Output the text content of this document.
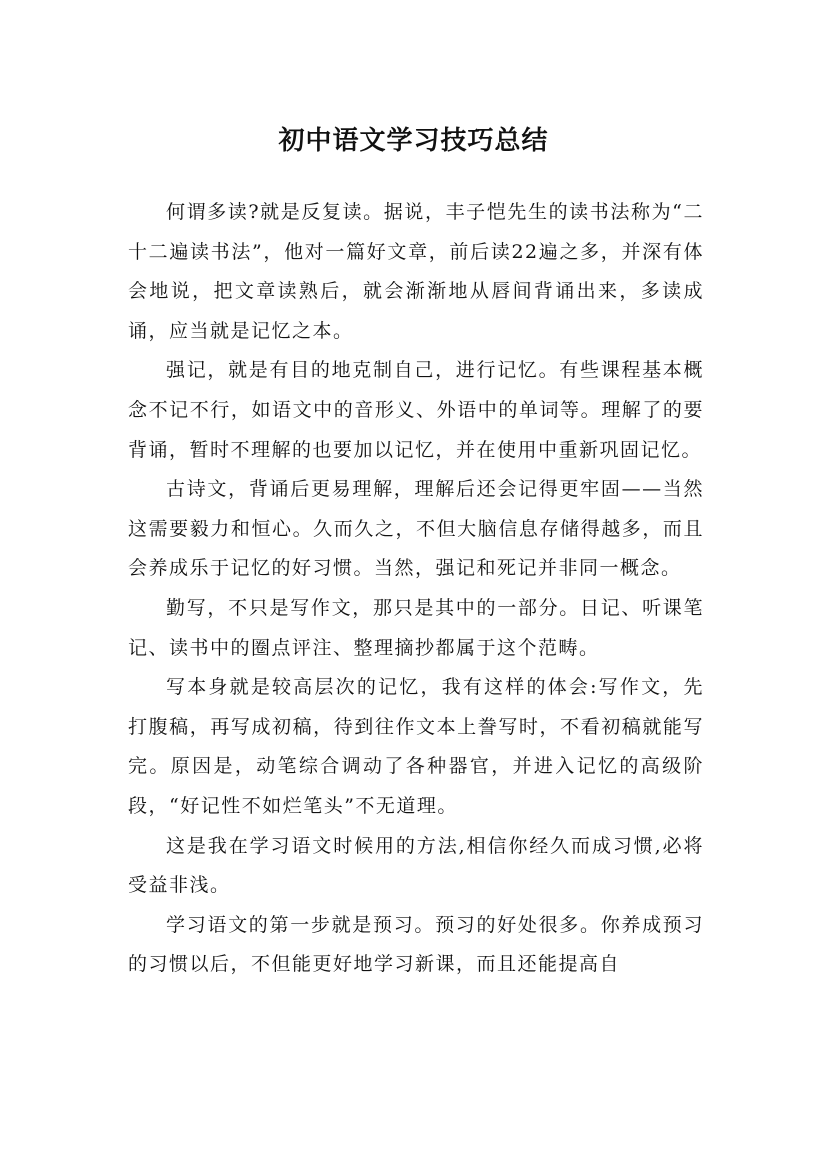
初中语文学习技巧总结

何谓多读?就是反复读。据说，丰子恺先生的读书法称为“二十二遍读书法”，他对一篇好文章，前后读22遍之多，并深有体会地说，把文章读熟后，就会渐渐地从唇间背诵出来，多读成诵，应当就是记忆之本。

强记，就是有目的地克制自己，进行记忆。有些课程基本概念不记不行，如语文中的音形义、外语中的单词等。理解了的要背诵，暂时不理解的也要加以记忆，并在使用中重新巩固记忆。

古诗文，背诵后更易理解，理解后还会记得更牢固——当然这需要毅力和恒心。久而久之，不但大脑信息存储得越多，而且会养成乐于记忆的好习惯。当然，强记和死记并非同一概念。

勤写，不只是写作文，那只是其中的一部分。日记、听课笔记、读书中的圈点评注、整理摘抄都属于这个范畴。

写本身就是较高层次的记忆，我有这样的体会:写作文，先打腹稿，再写成初稿，待到往作文本上誊写时，不看初稿就能写完。原因是，动笔综合调动了各种器官，并进入记忆的高级阶段，“好记性不如烂笔头”不无道理。

这是我在学习语文时候用的方法,相信你经久而成习惯,必将受益非浅。

学习语文的第一步就是预习。预习的好处很多。你养成预习的习惯以后，不但能更好地学习新课，而且还能提高自
